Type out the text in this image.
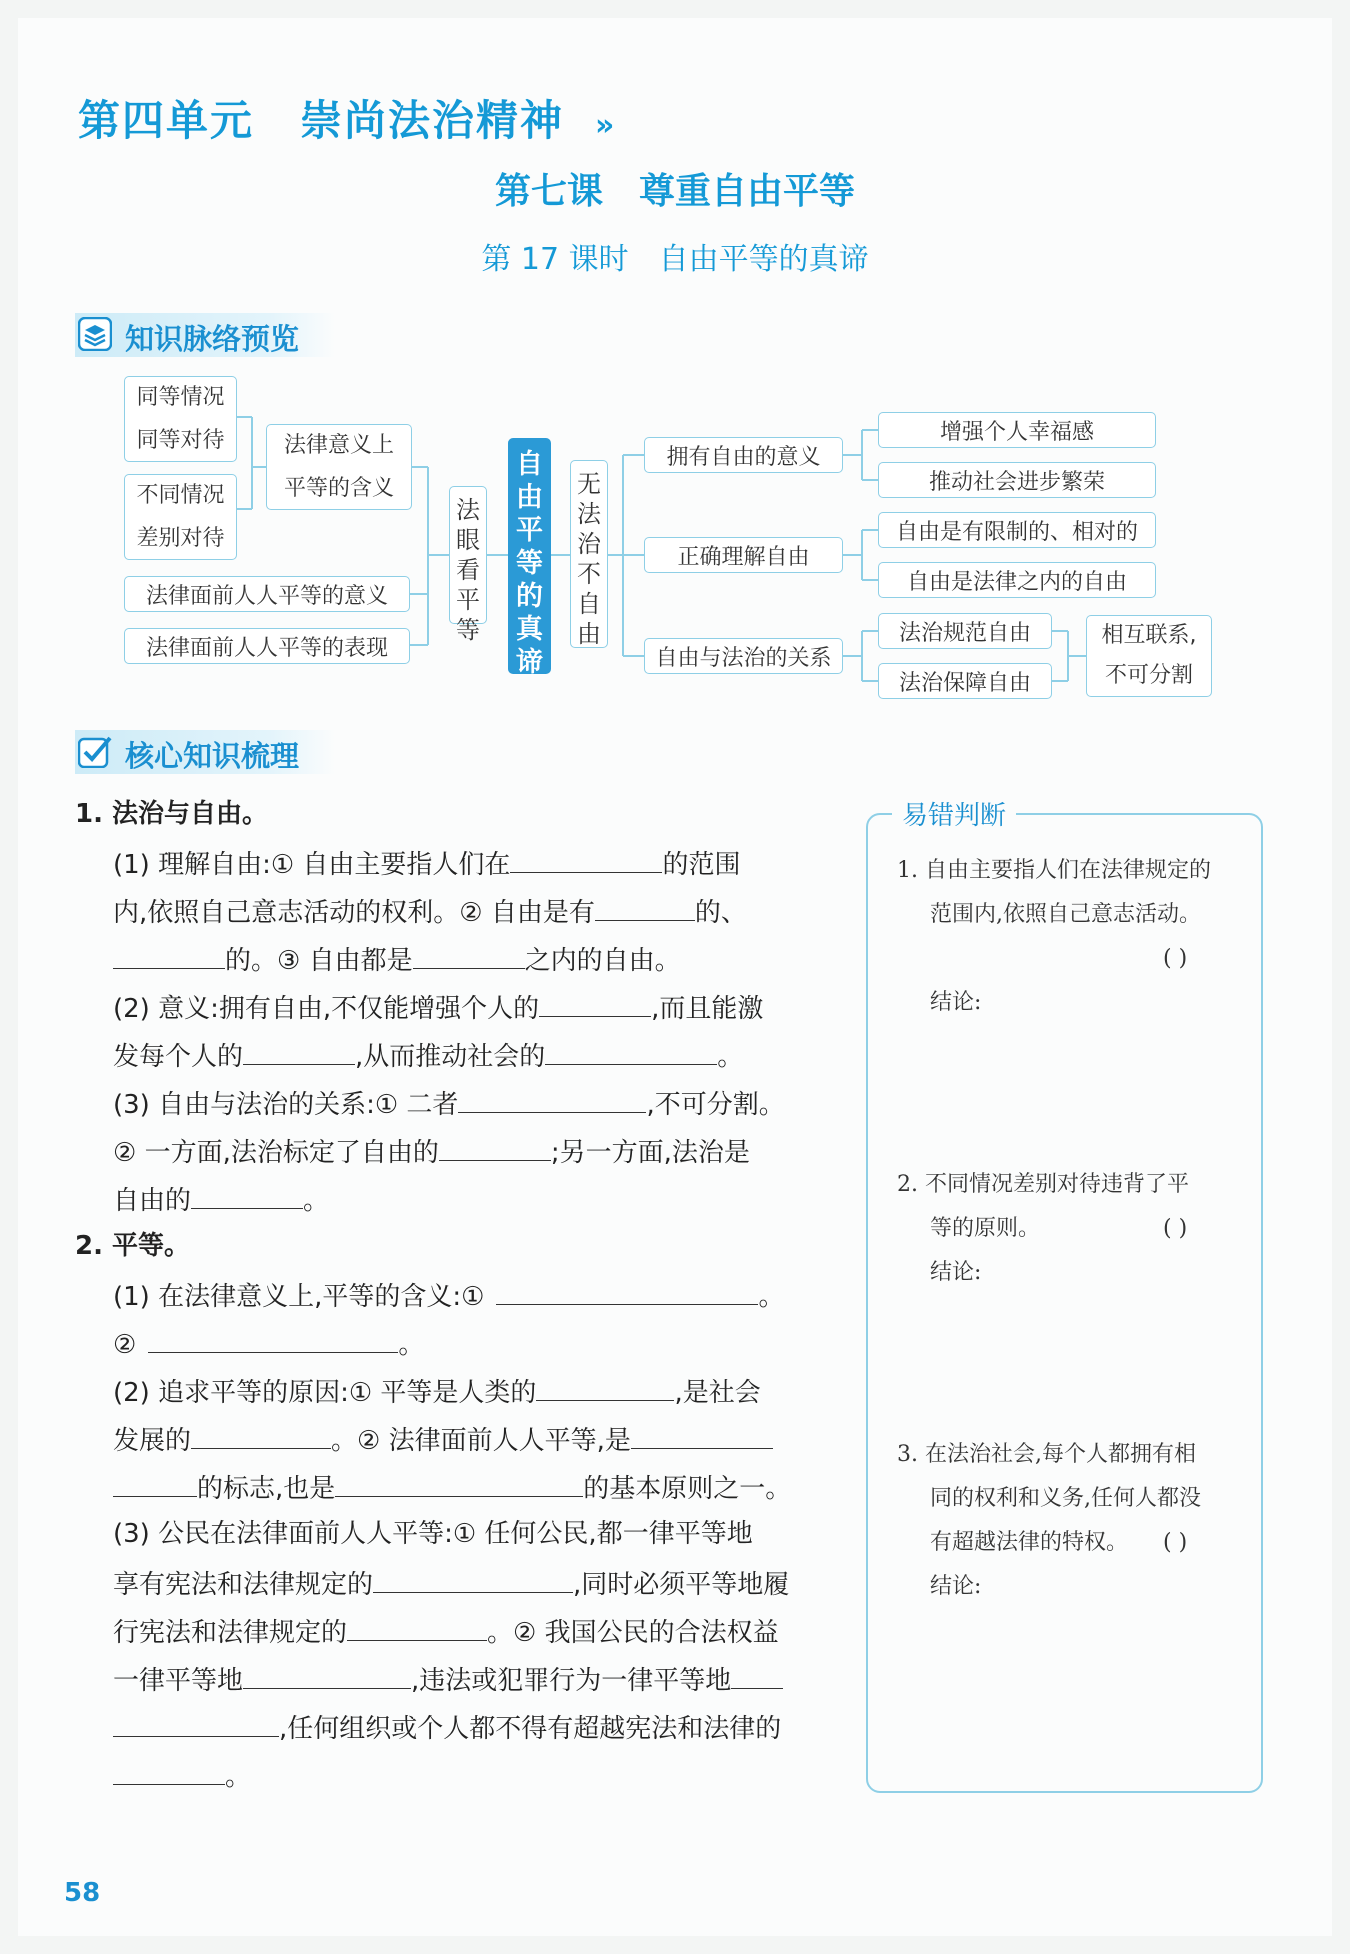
第四单元 崇尚法治精神 »
第七课　尊重自由平等
第 17 课时　自由平等的真谛
知识脉络预览
同等情况
同等对待
不同情况
差别对待
法律意义上
平等的含义
法律面前人人平等的意义
法律面前人人平等的表现
法眼看平等
自由平等的真谛
无法治 不自由
拥有自由的意义
正确理解自由
自由与法治的关系
增强个人幸福感
推动社会进步繁荣
自由是有限制的、相对的
自由是法律之内的自由
法治规范自由
法治保障自由
相互联系,
不可分割
核心知识梳理
1. 法治与自由。
(1) 理解自由:① 自由主要指人们在	的范围
内,依照自己意志活动的权利。② 自由是有	的、
的。③ 自由都是	之内的自由。
(2) 意义:拥有自由,不仅能增强个人的	,而且能激
发每个人的	,从而推动社会的	。
(3) 自由与法治的关系:① 二者	,不可分割。
② 一方面,法治标定了自由的	;另一方面,法治是
自由的	。
2. 平等。
(1) 在法律意义上,平等的含义:①	。
②	。
(2) 追求平等的原因:① 平等是人类的	,是社会
发展的	。② 法律面前人人平等,是
的标志,也是	的基本原则之一。
(3) 公民在法律面前人人平等:① 任何公民,都一律平等地
享有宪法和法律规定的	,同时必须平等地履
行宪法和法律规定的	。② 我国公民的合法权益
一律平等地	,违法或犯罪行为一律平等地
,任何组织或个人都不得有超越宪法和法律的
。
易错判断
1. 自由主要指人们在法律规定的
范围内,依照自己意志活动。
( )
结论:
2. 不同情况差别对待违背了平
等的原则。	( )
结论:
3. 在法治社会,每个人都拥有相
同的权利和义务,任何人都没
有超越法律的特权。 ( )
结论:
58
